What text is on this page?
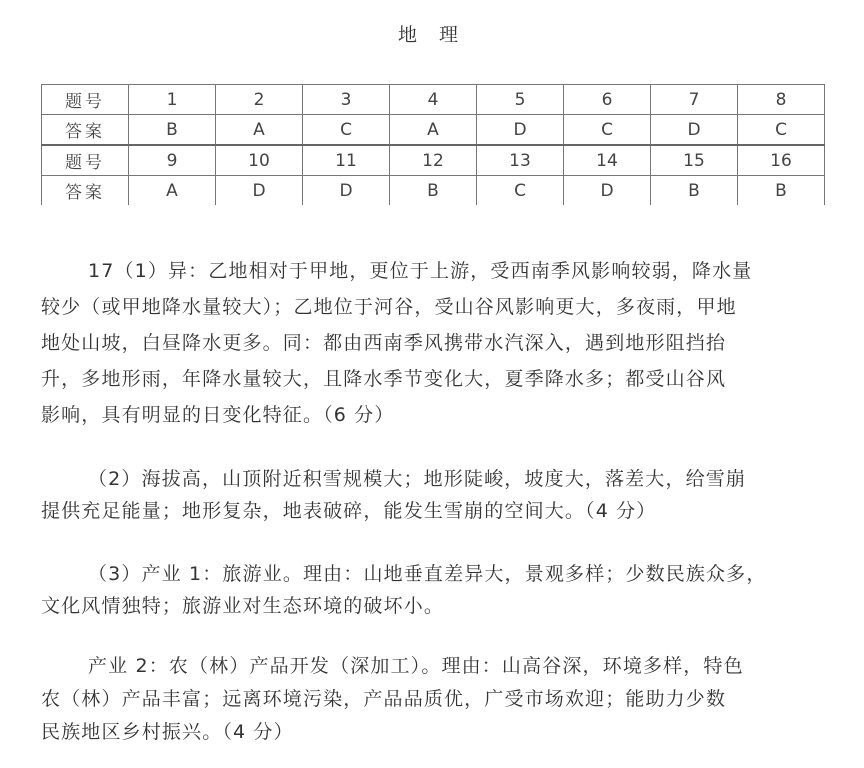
地 理
题号	1	2	3	4	5	6	7	8
答案	B	A	C	A	D	C	D	C
题号	9	10	11	12	13	14	15	16
答案	A	D	D	B	C	D	B	B
17（1）异：乙地相对于甲地，更位于上游，受西南季风影响较弱，降水量
较少（或甲地降水量较大）；乙地位于河谷，受山谷风影响更大，多夜雨，甲地
地处山坡，白昼降水更多。同：都由西南季风携带水汽深入，遇到地形阻挡抬
升，多地形雨，年降水量较大，且降水季节变化大，夏季降水多；都受山谷风
影响，具有明显的日变化特征。（6 分）
（2）海拔高，山顶附近积雪规模大；地形陡峻，坡度大，落差大，给雪崩
提供充足能量；地形复杂，地表破碎，能发生雪崩的空间大。（4 分）
（3）产业 1：旅游业。理由：山地垂直差异大，景观多样；少数民族众多，
文化风情独特；旅游业对生态环境的破坏小。
产业 2：农（林）产品开发（深加工）。理由：山高谷深，环境多样，特色
农（林）产品丰富；远离环境污染，产品品质优，广受市场欢迎；能助力少数
民族地区乡村振兴。（4 分）
